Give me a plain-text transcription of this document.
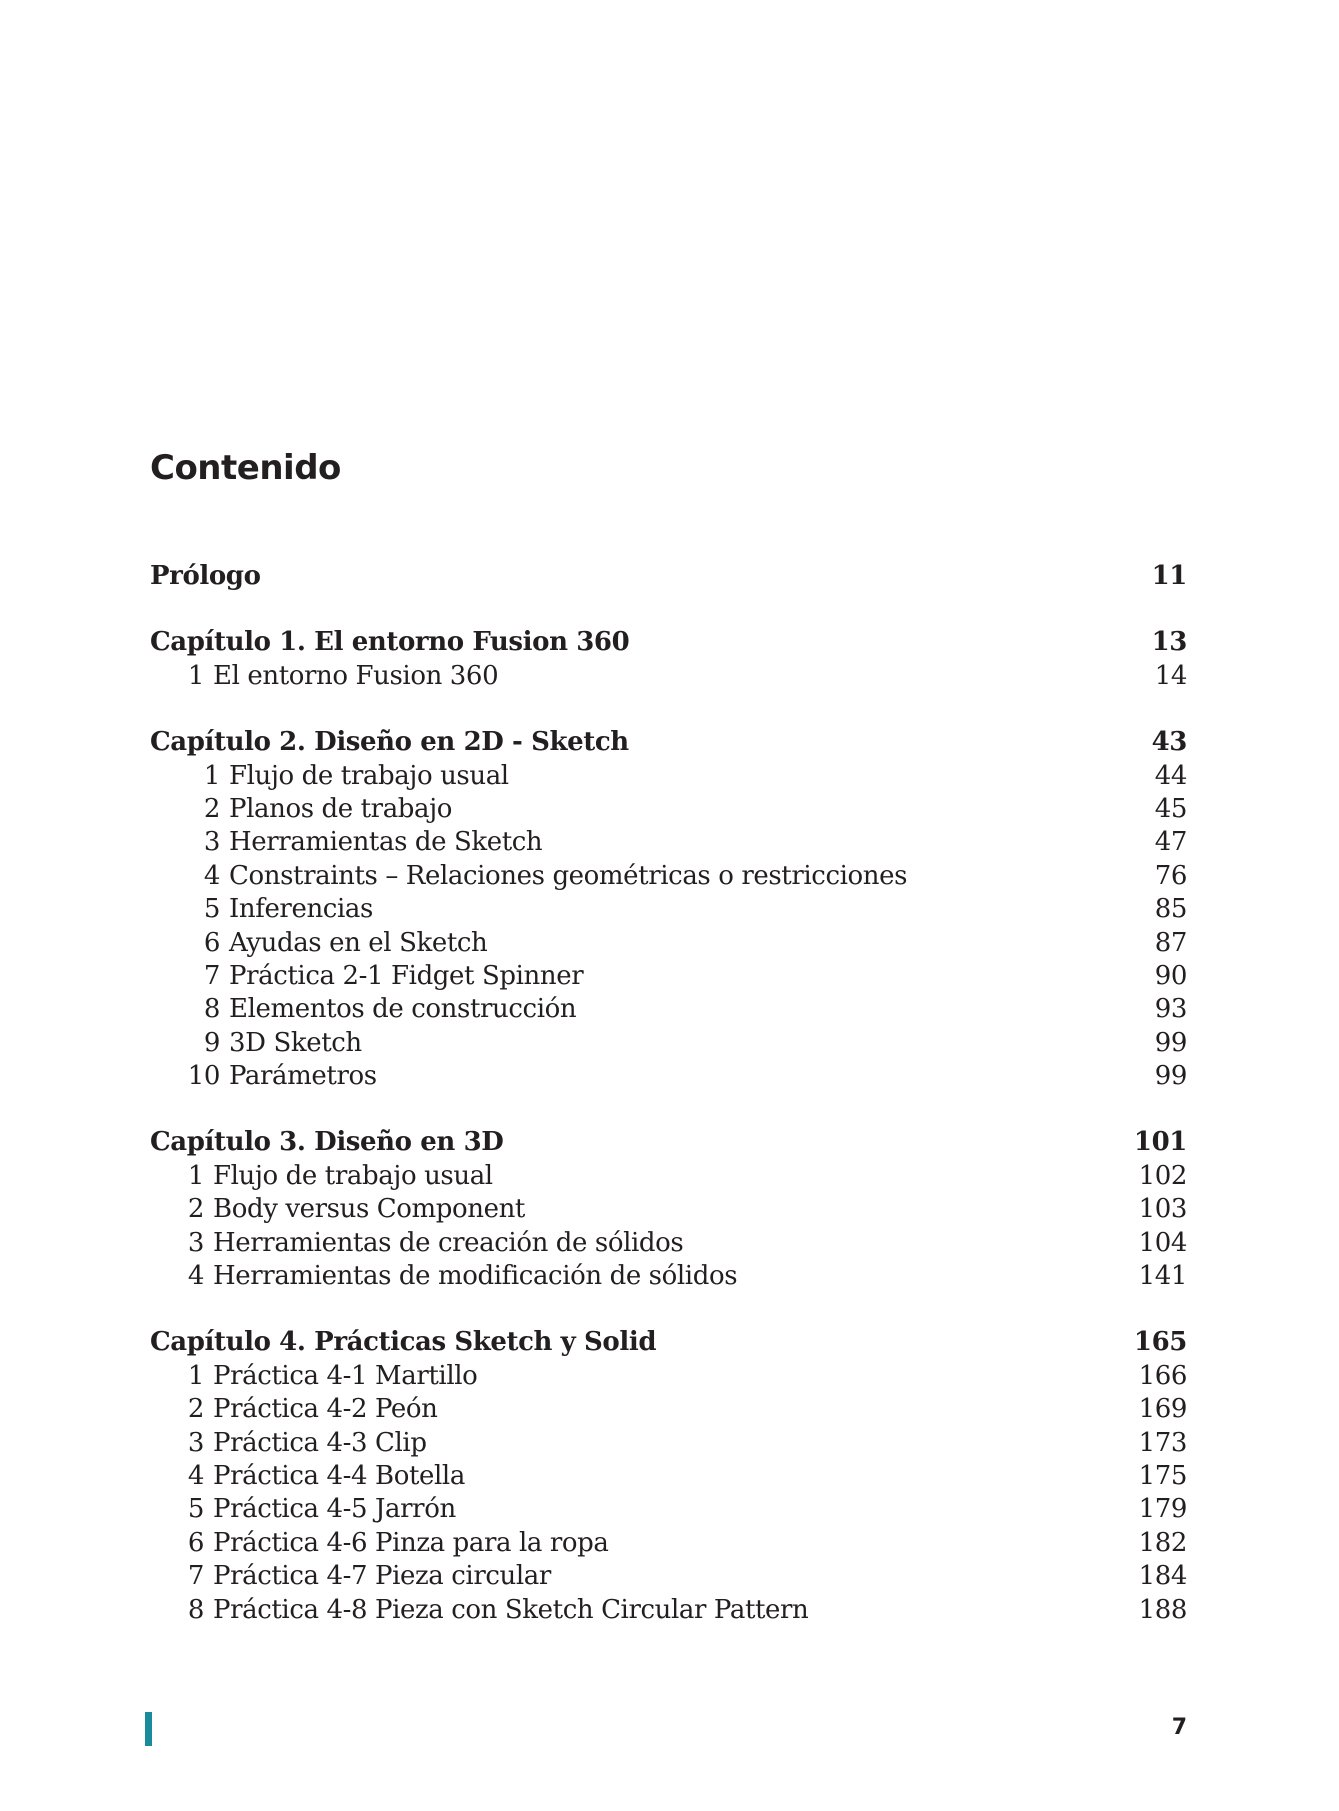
Contenido
Prólogo	11
Capítulo 1. El entorno Fusion 360	13
1 El entorno Fusion 360	14
Capítulo 2. Diseño en 2D - Sketch	43
1 Flujo de trabajo usual	44
2 Planos de trabajo	45
3 Herramientas de Sketch	47
4 Constraints – Relaciones geométricas o restricciones	76
5 Inferencias	85
6 Ayudas en el Sketch	87
7 Práctica 2-1 Fidget Spinner	90
8 Elementos de construcción	93
9 3D Sketch	99
10 Parámetros	99
Capítulo 3. Diseño en 3D	101
1 Flujo de trabajo usual	102
2 Body versus Component	103
3 Herramientas de creación de sólidos	104
4 Herramientas de modificación de sólidos	141
Capítulo 4. Prácticas Sketch y Solid	165
1 Práctica 4-1 Martillo	166
2 Práctica 4-2 Peón	169
3 Práctica 4-3 Clip	173
4 Práctica 4-4 Botella	175
5 Práctica 4-5 Jarrón	179
6 Práctica 4-6 Pinza para la ropa	182
7 Práctica 4-7 Pieza circular	184
8 Práctica 4-8 Pieza con Sketch Circular Pattern	188
7
